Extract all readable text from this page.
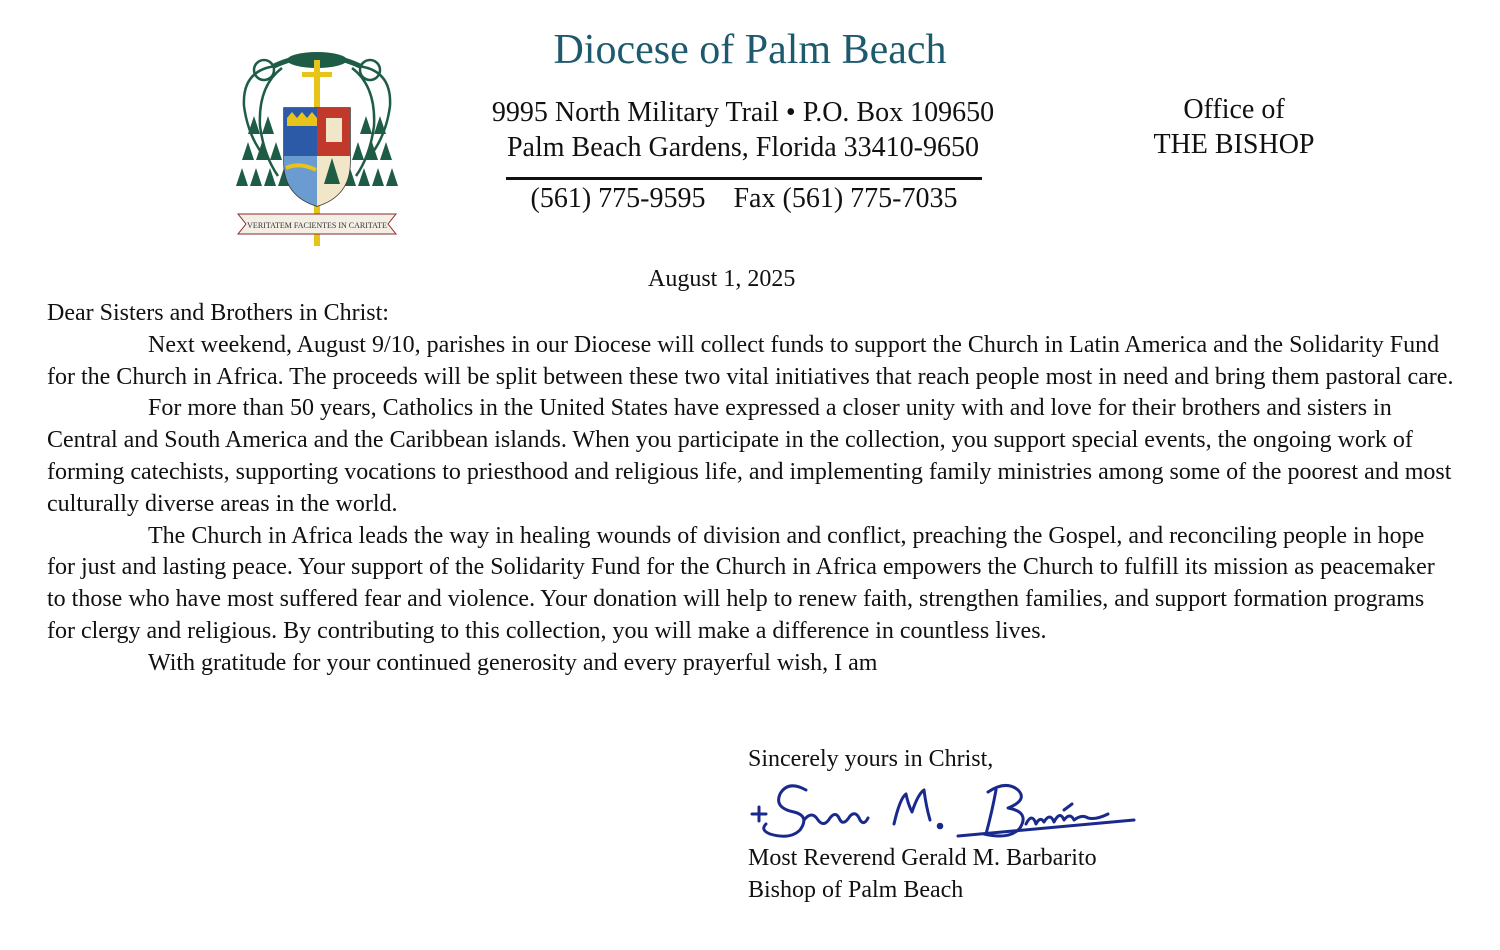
VERITATEM FACIENTES IN CARITATE
Diocese of Palm Beach
9995 North Military Trail • P.O. Box 109650
Palm Beach Gardens, Florida 33410-9650
(561) 775-9595    Fax (561) 775-7035
Office of
THE BISHOP
August 1, 2025

Dear Sisters and Brothers in Christ:

Next weekend, August 9/10, parishes in our Diocese will collect funds to support the Church in Latin America and the Solidarity Fund for the Church in Africa. The proceeds will be split between these two vital initiatives that reach people most in need and bring them pastoral care.

For more than 50 years, Catholics in the United States have expressed a closer unity with and love for their brothers and sisters in Central and South America and the Caribbean islands. When you participate in the collection, you support special events, the ongoing work of forming catechists, supporting vocations to priesthood and religious life, and implementing family ministries among some of the poorest and most culturally diverse areas in the world.

The Church in Africa leads the way in healing wounds of division and conflict, preaching the Gospel, and reconciling people in hope for just and lasting peace. Your support of the Solidarity Fund for the Church in Africa empowers the Church to fulfill its mission as peacemaker to those who have most suffered fear and violence. Your donation will help to renew faith, strengthen families, and support formation programs for clergy and religious. By contributing to this collection, you will make a difference in countless lives.

With gratitude for your continued generosity and every prayerful wish, I am

Sincerely yours in Christ,
Most Reverend Gerald M. Barbarito
Bishop of Palm Beach
